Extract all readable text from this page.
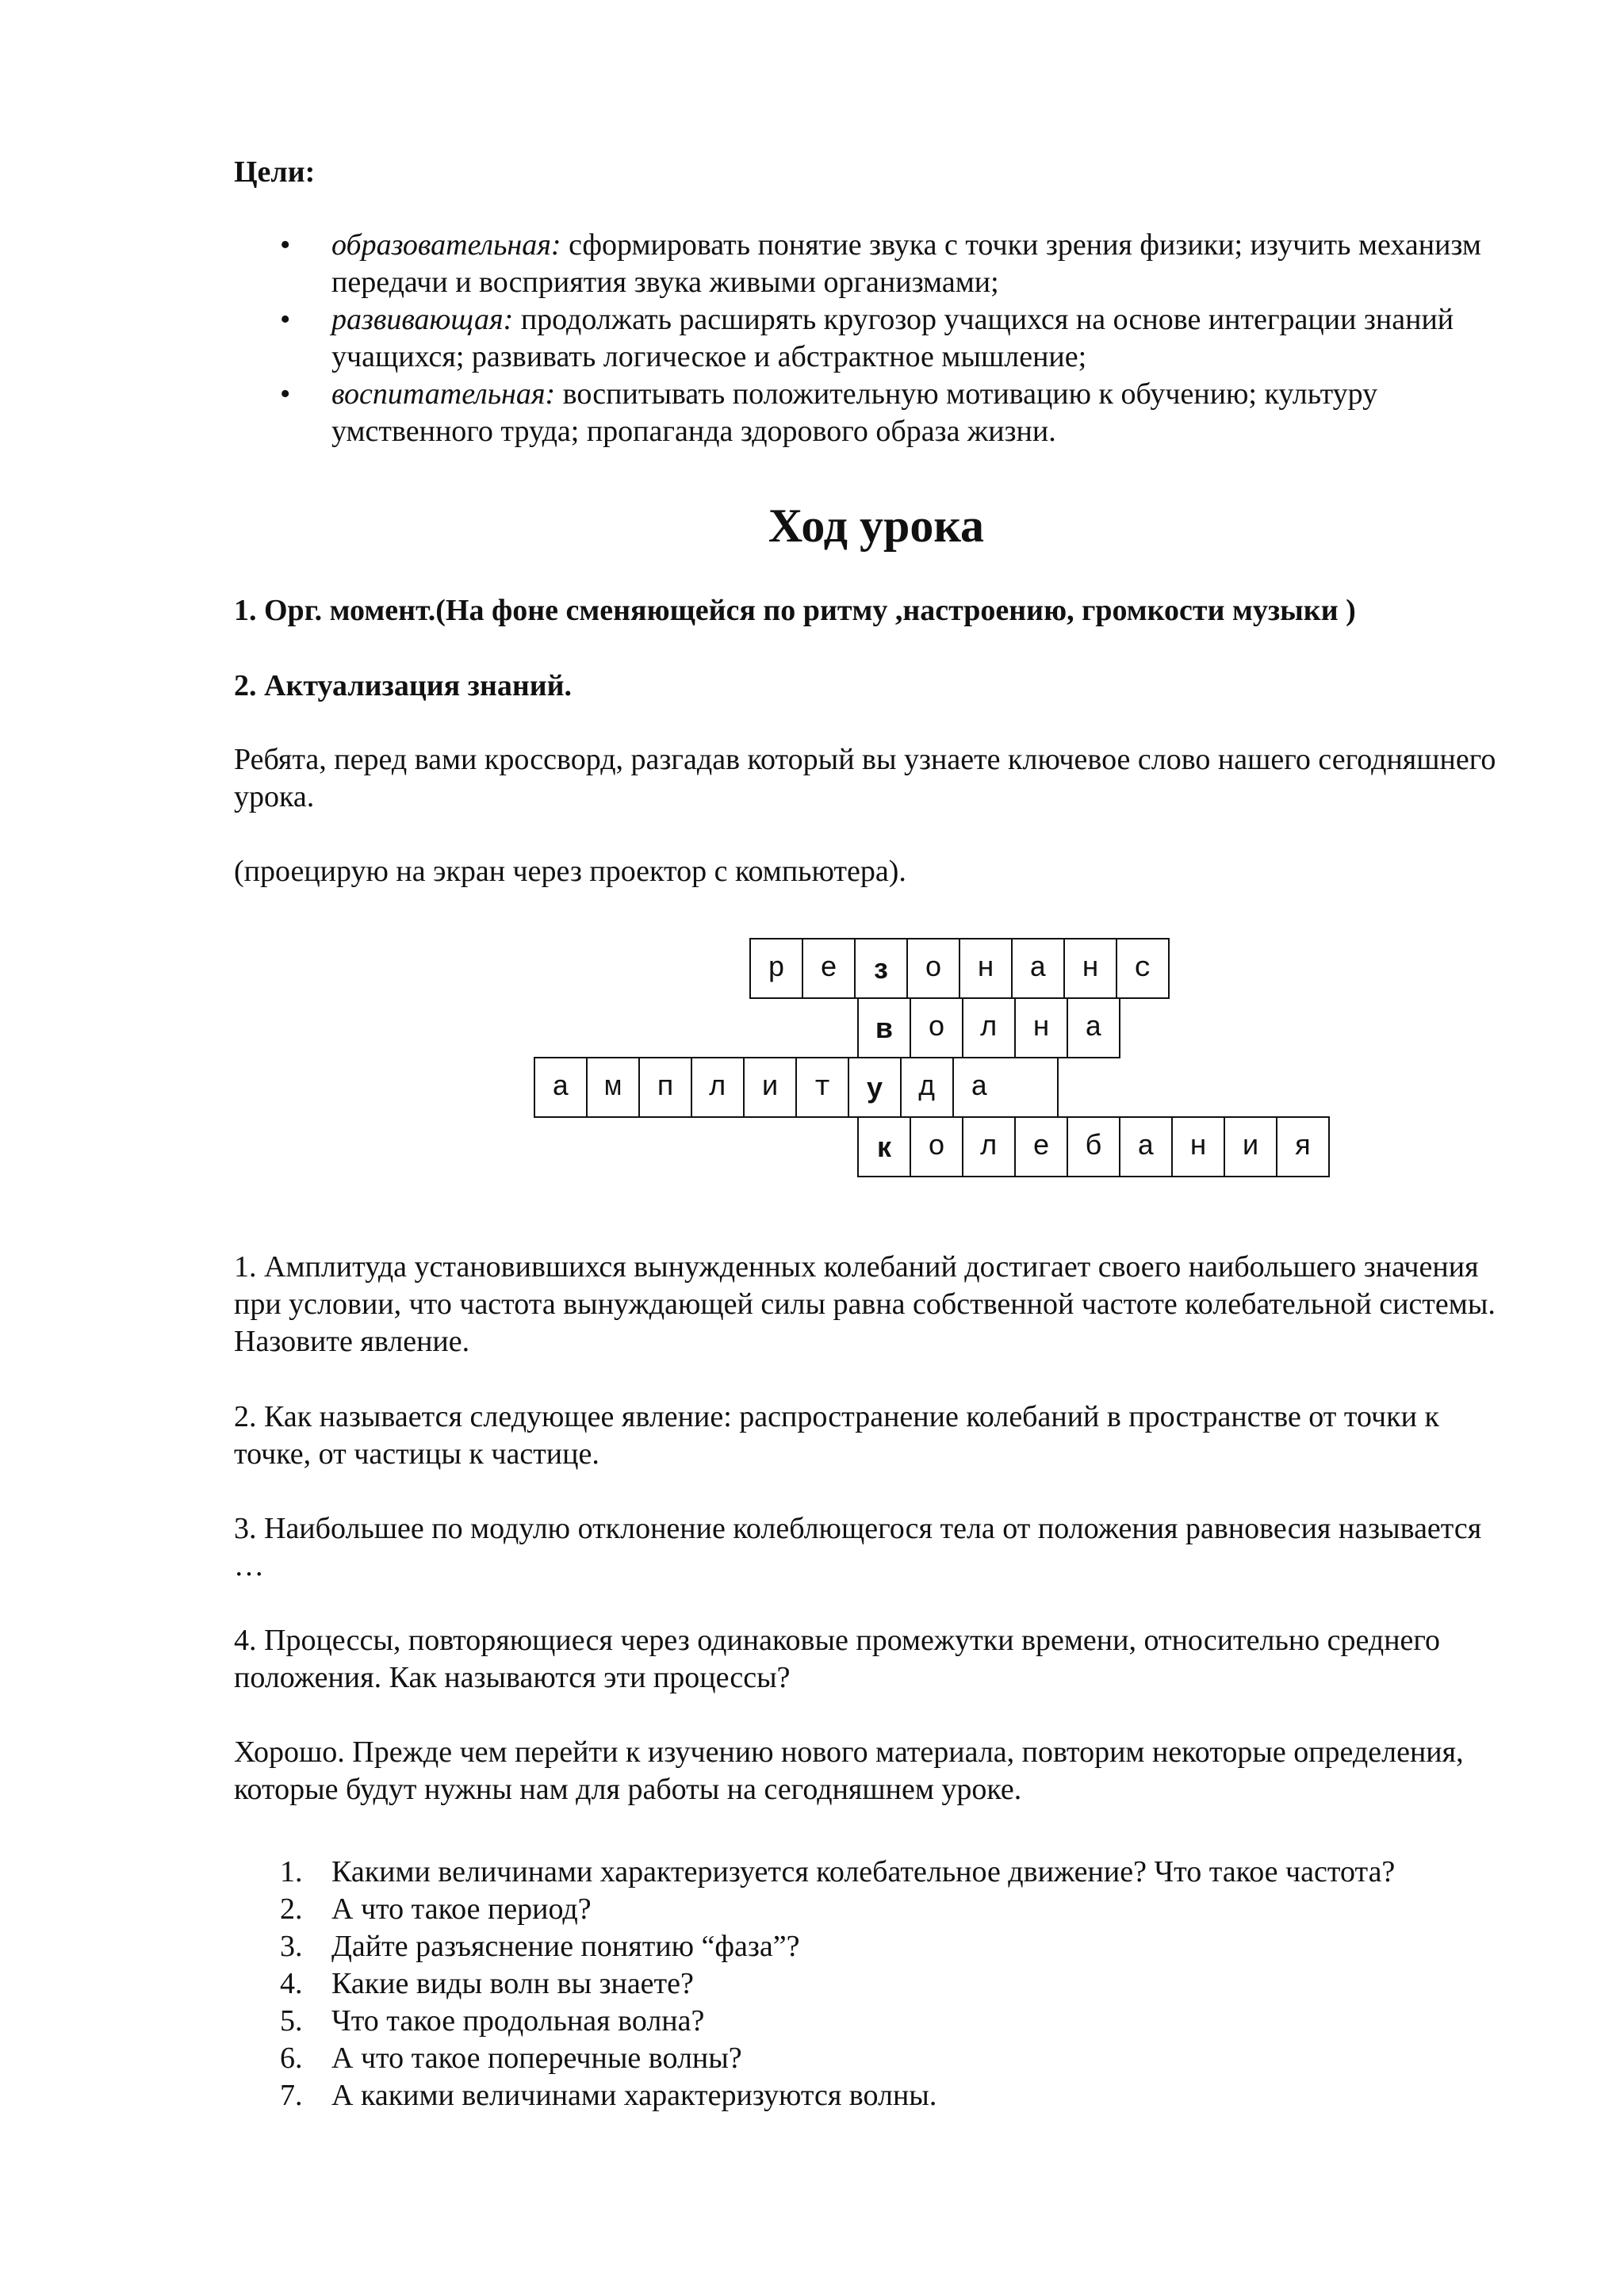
Цели:
• образовательная: сформировать понятие звука с точки зрения физики; изучить механизм передачи и восприятия звука живыми организмами;
• развивающая: продолжать расширять кругозор учащихся на основе интеграции знаний учащихся; развивать логическое и абстрактное мышление;
• воспитательная: воспитывать положительную мотивацию к обучению; культуру умственного труда; пропаганда здорового образа жизни.
Ход урока
1. Орг. момент.(На фоне сменяющейся по ритму ,настроению, громкости музыки )
2. Актуализация знаний.
Ребята, перед вами кроссворд, разгадав который вы узнаете ключевое слово нашего сегодняшнего урока.
(проецирую на экран через проектор с компьютера).
р	е	з	о	н	а	н	с
в	о	л	н	а
а	м	п	л	и	т	у	д	а
к	о	л	е	б	а	н	и	я
1. Амплитуда установившихся вынужденных колебаний достигает своего наибольшего значения при условии, что частота вынуждающей силы равна собственной частоте колебательной системы. Назовите явление.
2. Как называется следующее явление: распространение колебаний в пространстве от точки к точке, от частицы к частице.
3. Наибольшее по модулю отклонение колеблющегося тела от положения равновесия называется …
4. Процессы, повторяющиеся через одинаковые промежутки времени, относительно среднего положения. Как называются эти процессы?
Хорошо. Прежде чем перейти к изучению нового материала, повторим некоторые определения, которые будут нужны нам для работы на сегодняшнем уроке.
1. Какими величинами характеризуется колебательное движение? Что такое частота?
2. А что такое период?
3. Дайте разъяснение понятию “фаза”?
4. Какие виды волн вы знаете?
5. Что такое продольная волна?
6. А что такое поперечные волны?
7. А какими величинами характеризуются волны.
